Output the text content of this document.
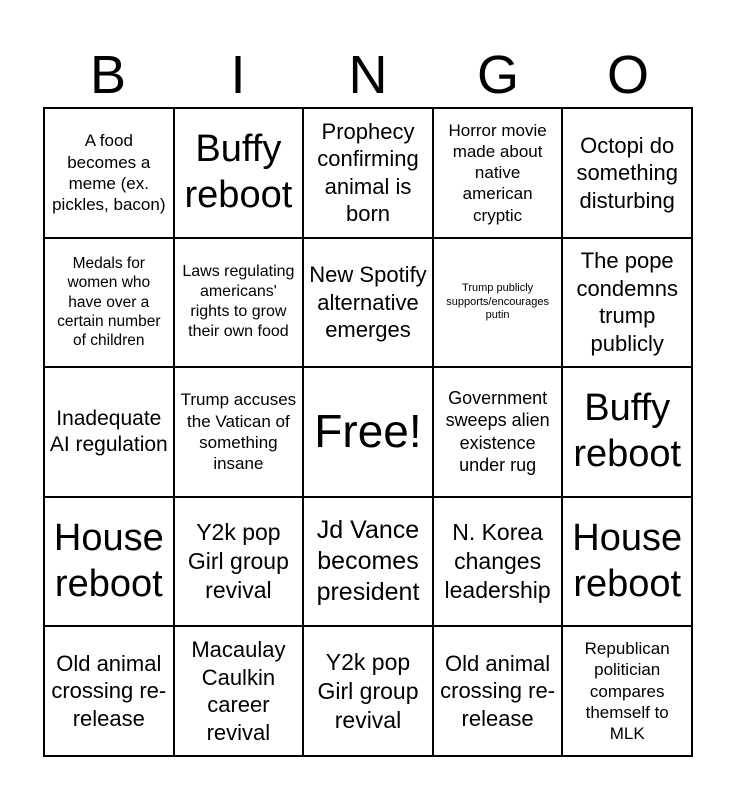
B	I	N	G	O
A food becomes a meme (ex. pickles, bacon)
Buffy reboot
Prophecy confirming animal is born
Horror movie made about native american cryptic
Octopi do something disturbing
Medals for women who have over a certain number of children
Laws regulating americans' rights to grow their own food
New Spotify alternative emerges
Trump publicly supports/encourages putin
The pope condemns trump publicly
Inadequate AI regulation
Trump accuses the Vatican of something insane
Free!
Government sweeps alien existence under rug
Buffy reboot
House reboot
Y2k pop Girl group revival
Jd Vance becomes president
N. Korea changes leadership
House reboot
Old animal crossing re-release
Macaulay Caulkin career revival
Y2k pop Girl group revival
Old animal crossing re-release
Republican politician compares themself to MLK
